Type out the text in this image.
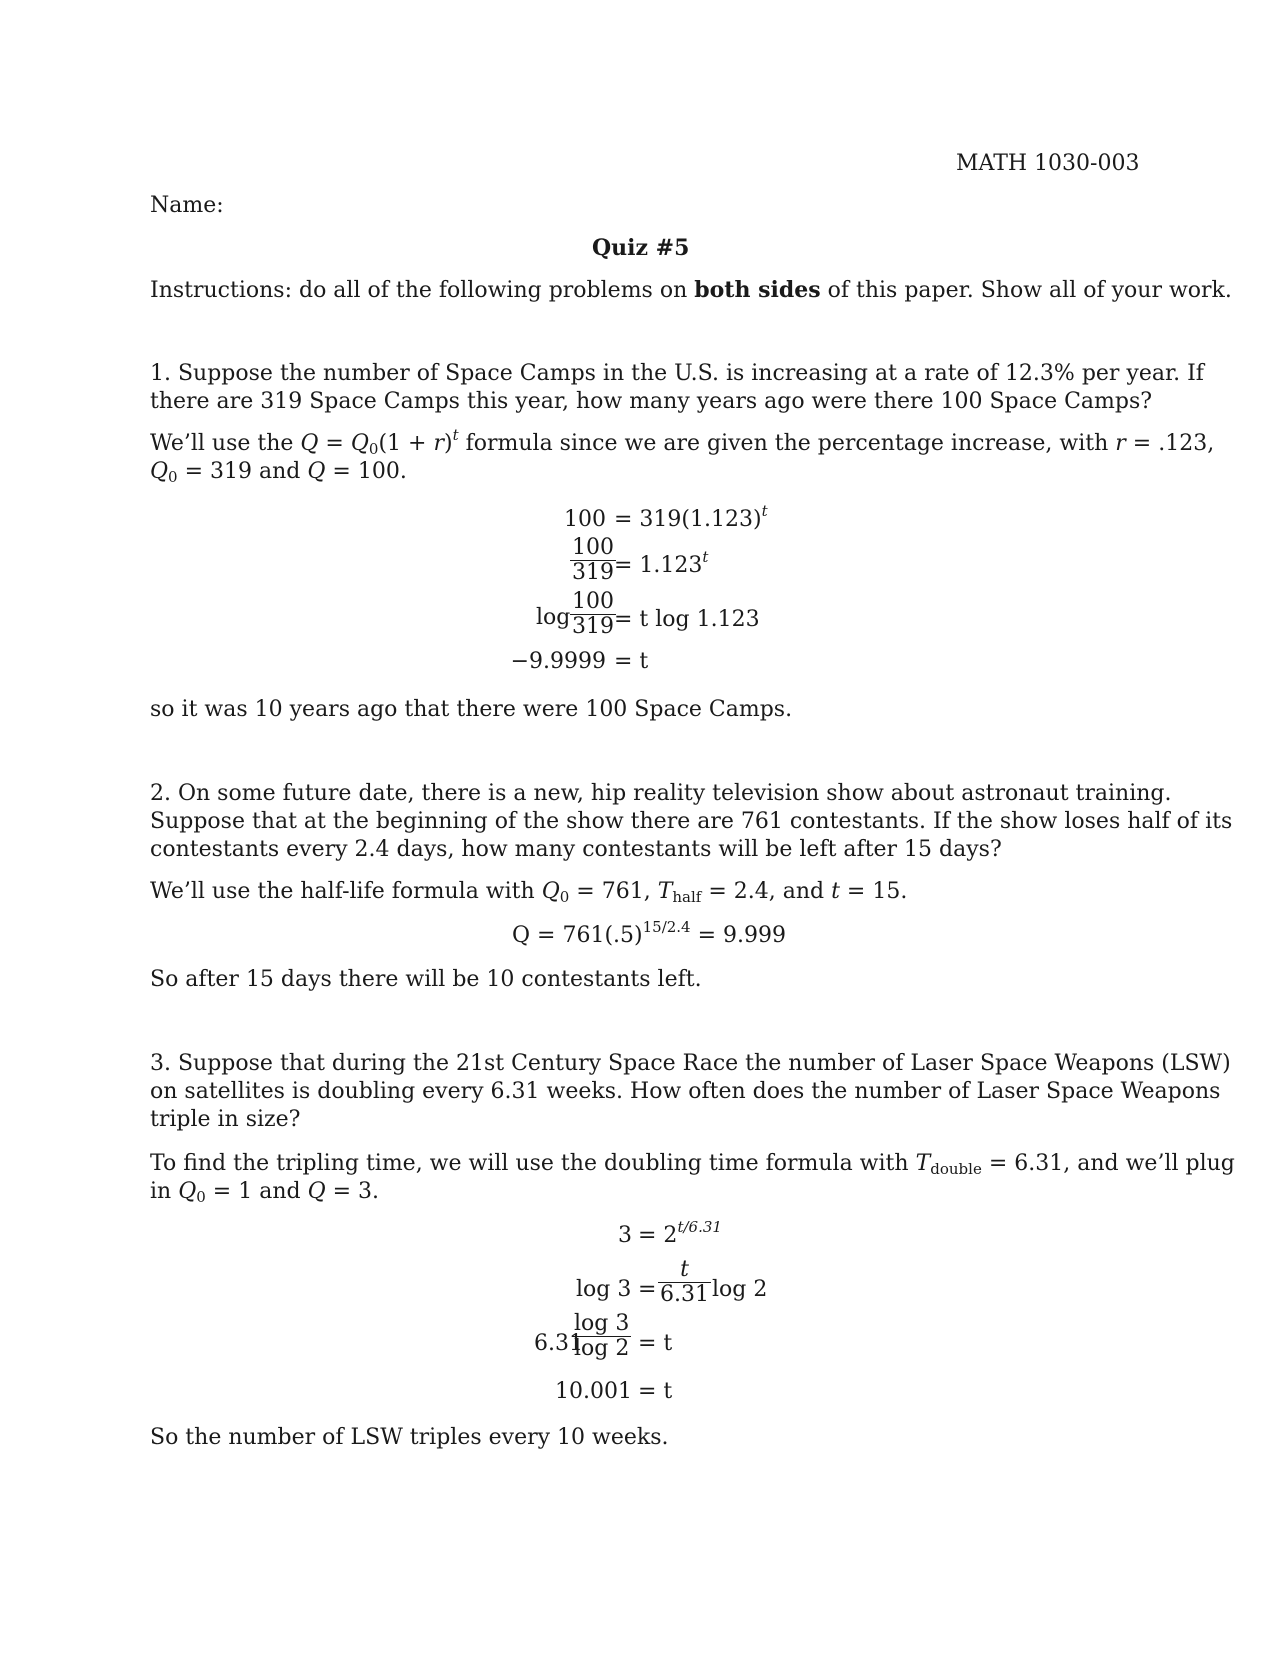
MATH 1030-003
Name:
Quiz #5
Instructions: do all of the following problems on both sides of this paper. Show all of your work.
1. Suppose the number of Space Camps in the U.S. is increasing at a rate of 12.3% per year. If
there are 319 Space Camps this year, how many years ago were there 100 Space Camps?
We’ll use the $Q = Q_0(1 + r)^t$ formula since we are given the percentage increase, with r = .123,
$Q_0 = 319$ and Q = 100.
$100 = 319(1.123)^t$
$\frac{100}{319}$
= $1.123^t$
$\log \frac{100}{319}$
= t log 1.123
−9.9999 = t
so it was 10 years ago that there were 100 Space Camps.
2. On some future date, there is a new, hip reality television show about astronaut training.
Suppose that at the beginning of the show there are 761 contestants. If the show loses half of its
contestants every 2.4 days, how many contestants will be left after 15 days?
We’ll use the half-life formula with $Q_0 = 761$, $T_{half} = 2.4$, and t = 15.
$Q = 761(.5)^{15/2.4} = 9.999$
So after 15 days there will be 10 contestants left.
3. Suppose that during the 21st Century Space Race the number of Laser Space Weapons (LSW)
on satellites is doubling every 6.31 weeks. How often does the number of Laser Space Weapons
triple in size?
To find the tripling time, we will use the doubling time formula with $T_{double} = 6.31$, and we’ll plug
in $Q_0 = 1$ and Q = 3.
$3 = 2^{t/6.31}$
$\log 3 = \frac{t}{6.31}$ log 2
6.31
$\frac{\log 3}{\log 2} = t$
10.001 = t
So the number of LSW triples every 10 weeks.
